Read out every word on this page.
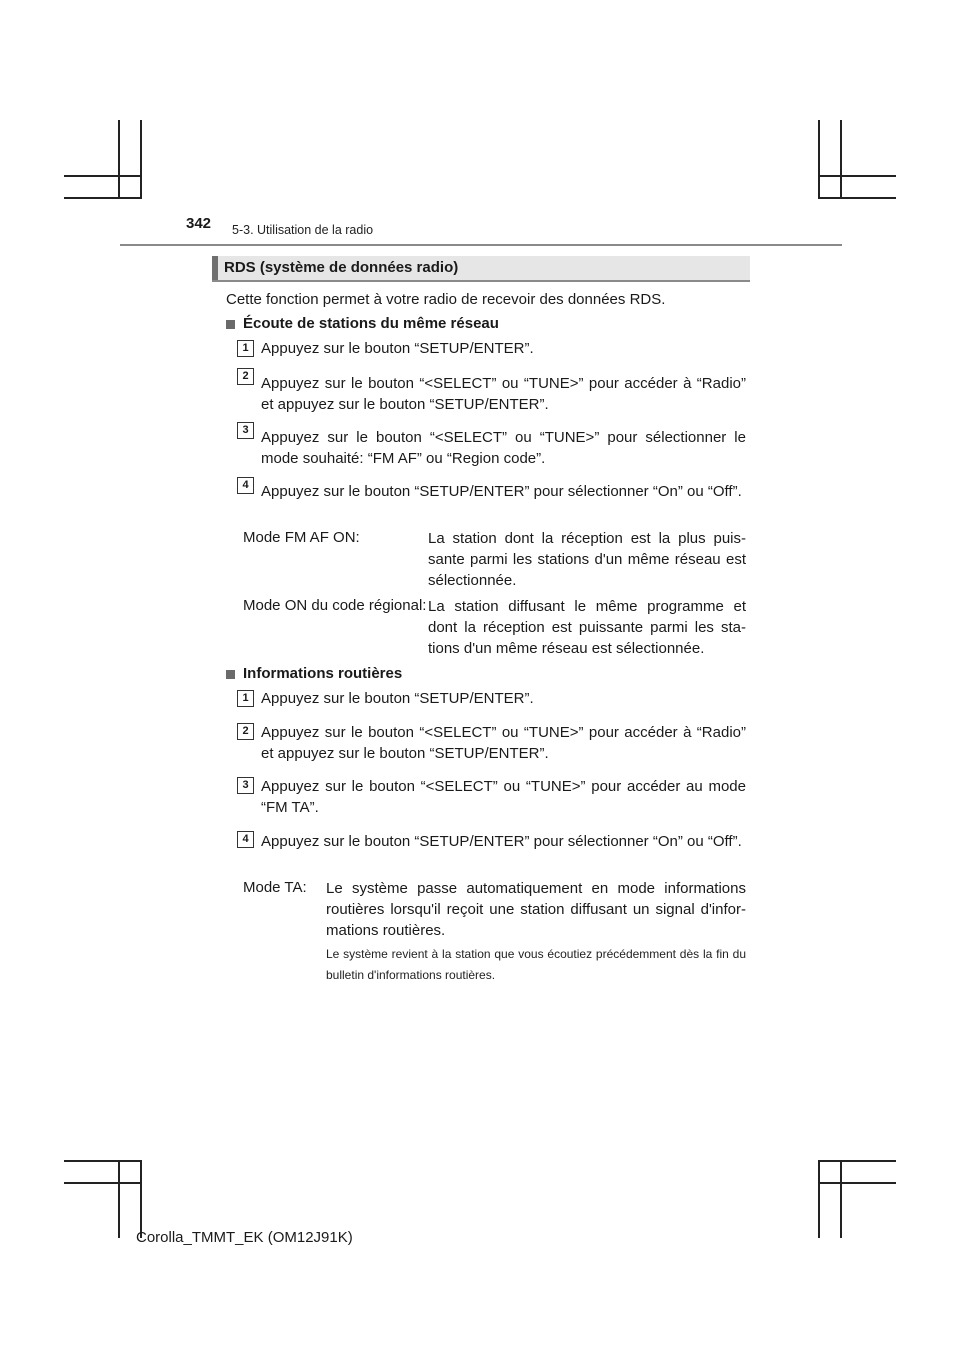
342 5-3. Utilisation de la radio
RDS (système de données radio)
Cette fonction permet à votre radio de recevoir des données RDS.
Écoute de stations du même réseau
1 Appuyez sur le bouton “SETUP/ENTER”.
2 Appuyez sur le bouton “<SELECT” ou “TUNE>” pour accéder à “Radio” et appuyez sur le bouton “SETUP/ENTER”.
3 Appuyez sur le bouton “<SELECT” ou “TUNE>” pour sélectionner le mode souhaité: “FM AF” ou “Region code”.
4 Appuyez sur le bouton “SETUP/ENTER” pour sélectionner “On” ou “Off”.
Mode FM AF ON:	La station dont la réception est la plus puis-sante parmi les stations d'un même réseau est sélectionnée.
Mode ON du code régional: La station diffusant le même programme et dont la réception est puissante parmi les sta-tions d'un même réseau est sélectionnée.
Informations routières
1 Appuyez sur le bouton “SETUP/ENTER”.
2 Appuyez sur le bouton “<SELECT” ou “TUNE>” pour accéder à “Radio” et appuyez sur le bouton “SETUP/ENTER”.
3 Appuyez sur le bouton “<SELECT” ou “TUNE>” pour accéder au mode “FM TA”.
4 Appuyez sur le bouton “SETUP/ENTER” pour sélectionner “On” ou “Off”.
Mode TA: Le système passe automatiquement en mode informations routières lorsqu'il reçoit une station diffusant un signal d'infor-mations routières.
Le système revient à la station que vous écoutiez précédemment dès la fin du bulletin d'informations routières.
Corolla_TMMT_EK (OM12J91K)
